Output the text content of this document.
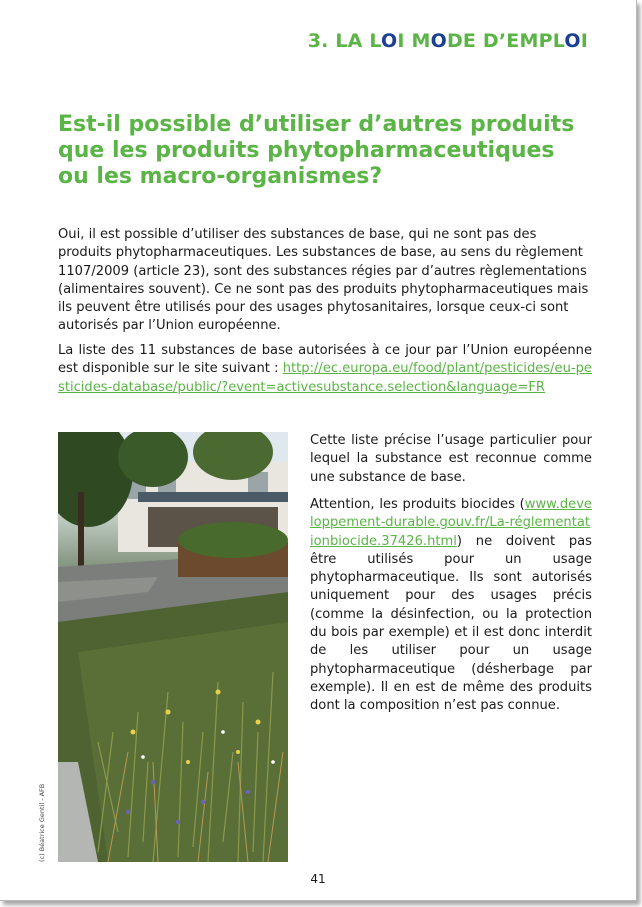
3. LA LOI MODE D’EMPLOI
Est-il possible d’utiliser d’autres produits
que les produits phytopharmaceutiques
ou les macro-organismes?

Oui, il est possible d’utiliser des substances de base, qui ne sont pas des produits phytopharmaceutiques. Les substances de base, au sens du règlement 1107/2009 (article 23), sont des substances régies par d’autres règlementations (alimentaires souvent). Ce ne sont pas des produits phytopharmaceutiques mais ils peuvent être utilisés pour des usages phytosanitaires, lorsque ceux-ci sont autorisés par l’Union européenne.

La liste des 11 substances de base autorisées à ce jour par l’Union européenne est disponible sur le site suivant : http://ec.europa.eu/food/plant/pesticides/eu-pesticides-database/public/?event=activesubstance.selection&language=FR

(c) Béatrice Gentil - AFB

Cette liste précise l’usage particulier pour lequel la substance est reconnue comme une substance de base.

Attention, les produits biocides (www.developpement-durable.gouv.fr/La-réglementationbiocide.37426.html) ne doivent pas être utilisés pour un usage phytopharmaceutique. Ils sont autorisés uniquement pour des usages précis (comme la désinfection, ou la protection du bois par exemple) et il est donc interdit de les utiliser pour un usage phytopharmaceutique (désherbage par exemple). Il en est de même des produits dont la composition n’est pas connue.

41
